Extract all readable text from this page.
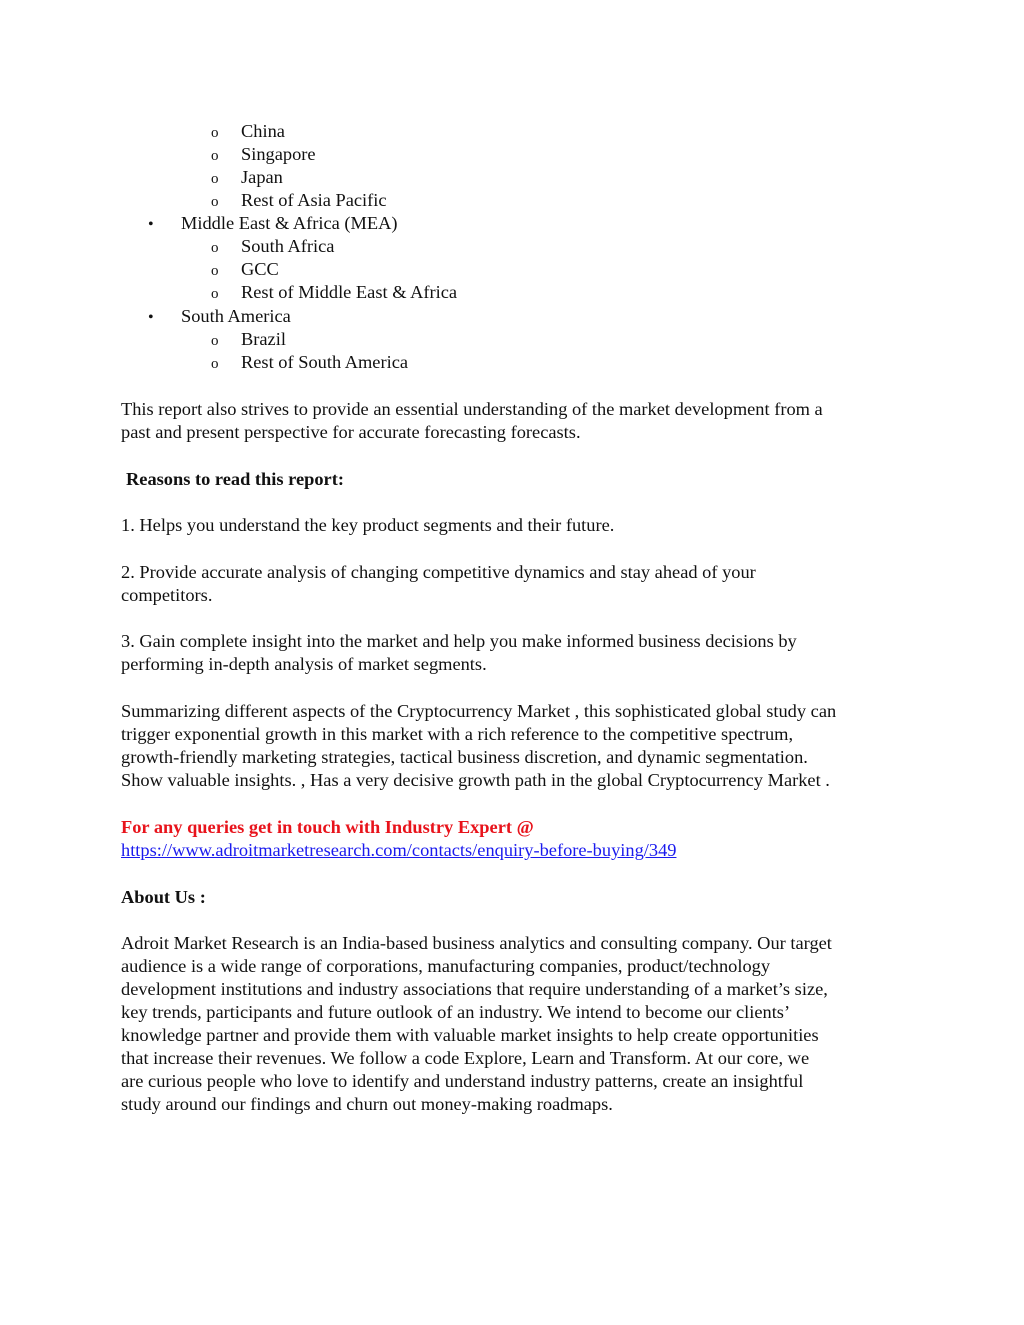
o China
o Singapore
o Japan
o Rest of Asia Pacific
• Middle East & Africa (MEA)
o South Africa
o GCC
o Rest of Middle East & Africa
• South America
o Brazil
o Rest of South America
This report also strives to provide an essential understanding of the market development from a
past and present perspective for accurate forecasting forecasts.
Reasons to read this report:
1. Helps you understand the key product segments and their future.
2. Provide accurate analysis of changing competitive dynamics and stay ahead of your
competitors.
3. Gain complete insight into the market and help you make informed business decisions by
performing in-depth analysis of market segments.
Summarizing different aspects of the Cryptocurrency Market , this sophisticated global study can
trigger exponential growth in this market with a rich reference to the competitive spectrum,
growth-friendly marketing strategies, tactical business discretion, and dynamic segmentation.
Show valuable insights. , Has a very decisive growth path in the global Cryptocurrency Market .
For any queries get in touch with Industry Expert @
https://www.adroitmarketresearch.com/contacts/enquiry-before-buying/349
About Us :
Adroit Market Research is an India-based business analytics and consulting company. Our target
audience is a wide range of corporations, manufacturing companies, product/technology
development institutions and industry associations that require understanding of a market’s size,
key trends, participants and future outlook of an industry. We intend to become our clients’
knowledge partner and provide them with valuable market insights to help create opportunities
that increase their revenues. We follow a code Explore, Learn and Transform. At our core, we
are curious people who love to identify and understand industry patterns, create an insightful
study around our findings and churn out money-making roadmaps.
